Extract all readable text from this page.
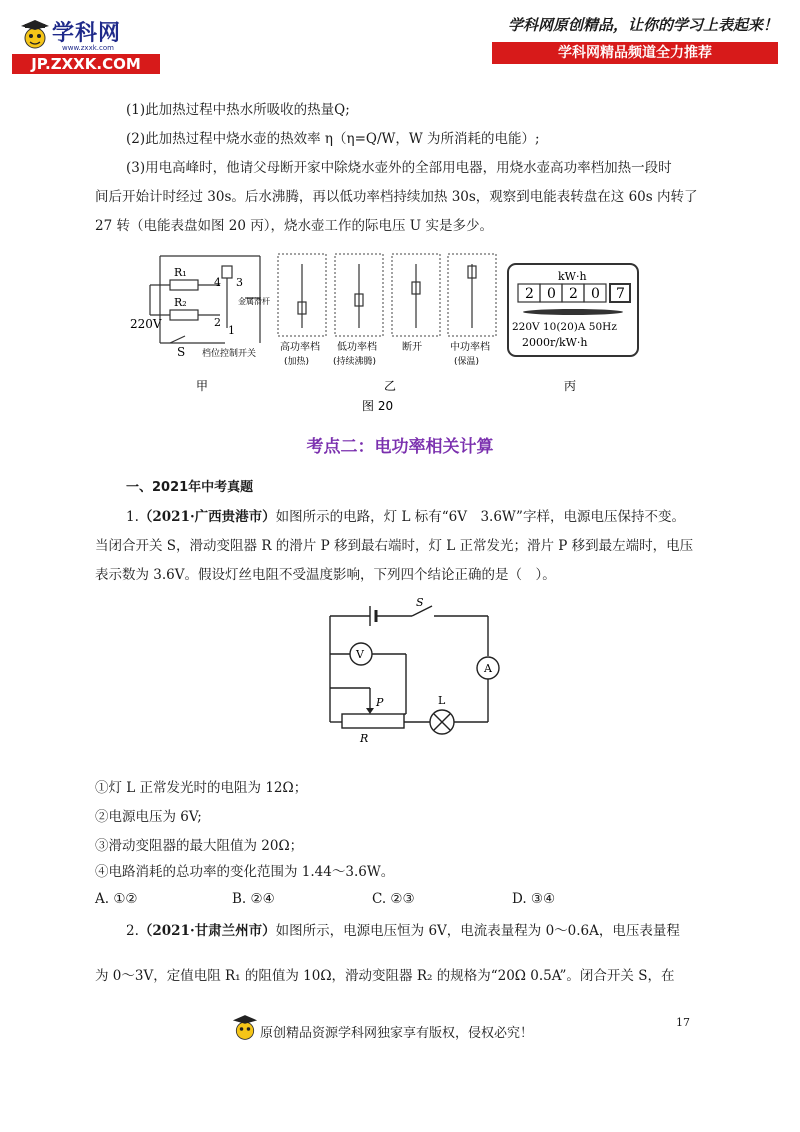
学科网
www.zxxk.com
JP.ZXXK.COM
学科网原创精品，让你的学习上表起来！
学科网精品频道全力推荐
(1)此加热过程中热水所吸收的热量Q;
(2)此加热过程中烧水壶的热效率 η（η=Q/W，W 为所消耗的电能）;
(3)用电高峰时，他请父母断开家中除烧水壶外的全部用电器，用烧水壶高功率档加热一段时
间后开始计时经过 30s。后水沸腾，再以低功率档持续加热 30s，观察到电能表转盘在这 60s 内转了
27 转（电能表盘如图 20 丙），烧水壶工作的际电压 U 实是多少。
R₁
R₂
220V
S
4 3
2
1
金属滑杆
档位控制开关
高功率档
(加热)
低功率档
(持续沸腾)
断开	中功率档
(保温)
kW·h
2 0 2 0 7
220V 10(20)A 50Hz
2000r/kW·h
甲	乙	丙
图 20
考点二：电功率相关计算
一、2021年中考真题
1.（2021·广西贵港市）如图所示的电路，灯 L 标有“6V　3.6W”字样，电源电压保持不变。
当闭合开关 S，滑动变阻器 R 的滑片 P 移到最右端时，灯 L 正常发光；滑片 P 移到最左端时，电压
表示数为 3.6V。假设灯丝电阻不受温度影响，下列四个结论正确的是（　）。
S
V
A
L
P
R
①灯 L 正常发光时的电阻为 12Ω；
②电源电压为 6V;
③滑动变阻器的最大阻值为 20Ω；
④电路消耗的总功率的变化范围为 1.44～3.6W。
A. ①②	B. ②④	C. ②③	D. ③④
2.（2021·甘肃兰州市）如图所示，电源电压恒为 6V，电流表量程为 0～0.6A，电压表量程
为 0～3V，定值电阻 R₁ 的阻值为 10Ω，滑动变阻器 R₂ 的规格为“20Ω 0.5A”。闭合开关 S，在
17
原创精品资源学科网独家享有版权，侵权必究！
